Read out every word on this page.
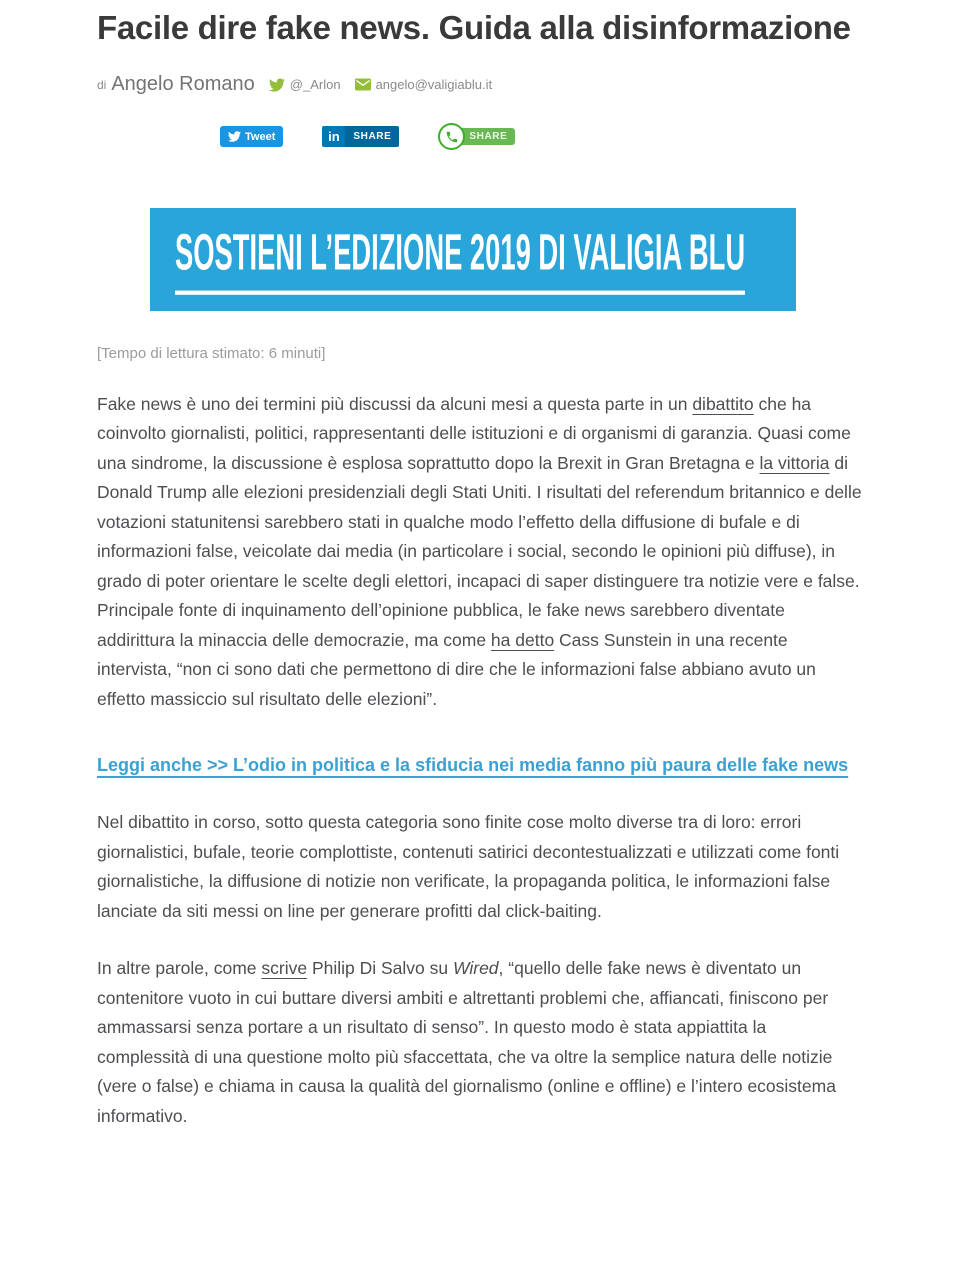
Facile dire fake news. Guida alla disinformazione
di Angelo Romano	@_Arlon	angelo@valigiablu.it
Tweet	in	SHARE	SHARE
SOSTIENI L’EDIZIONE 2019 DI VALIGIA BLU
[Tempo di lettura stimato: 6 minuti]

Fake news è uno dei termini più discussi da alcuni mesi a questa parte in un dibattito che ha coinvolto giornalisti, politici, rappresentanti delle istituzioni e di organismi di garanzia. Quasi come una sindrome, la discussione è esplosa soprattutto dopo la Brexit in Gran Bretagna e la vittoria di Donald Trump alle elezioni presidenziali degli Stati Uniti. I risultati del referendum britannico e delle votazioni statunitensi sarebbero stati in qualche modo l’effetto della diffusione di bufale e di informazioni false, veicolate dai media (in particolare i social, secondo le opinioni più diffuse), in grado di poter orientare le scelte degli elettori, incapaci di saper distinguere tra notizie vere e false. Principale fonte di inquinamento dell’opinione pubblica, le fake news sarebbero diventate addirittura la minaccia delle democrazie, ma come ha detto Cass Sunstein in una recente intervista, “non ci sono dati che permettono di dire che le informazioni false abbiano avuto un effetto massiccio sul risultato delle elezioni”.

Leggi anche >> L’odio in politica e la sfiducia nei media fanno più paura delle fake news

Nel dibattito in corso, sotto questa categoria sono finite cose molto diverse tra di loro: errori giornalistici, bufale, teorie complottiste, contenuti satirici decontestualizzati e utilizzati come fonti giornalistiche, la diffusione di notizie non verificate, la propaganda politica, le informazioni false lanciate da siti messi on line per generare profitti dal click-baiting.

In altre parole, come scrive Philip Di Salvo su Wired, “quello delle fake news è diventato un contenitore vuoto in cui buttare diversi ambiti e altrettanti problemi che, affiancati, finiscono per ammassarsi senza portare a un risultato di senso”. In questo modo è stata appiattita la complessità di una questione molto più sfaccettata, che va oltre la semplice natura delle notizie (vere o false) e chiama in causa la qualità del giornalismo (online e offline) e l’intero ecosistema informativo.
